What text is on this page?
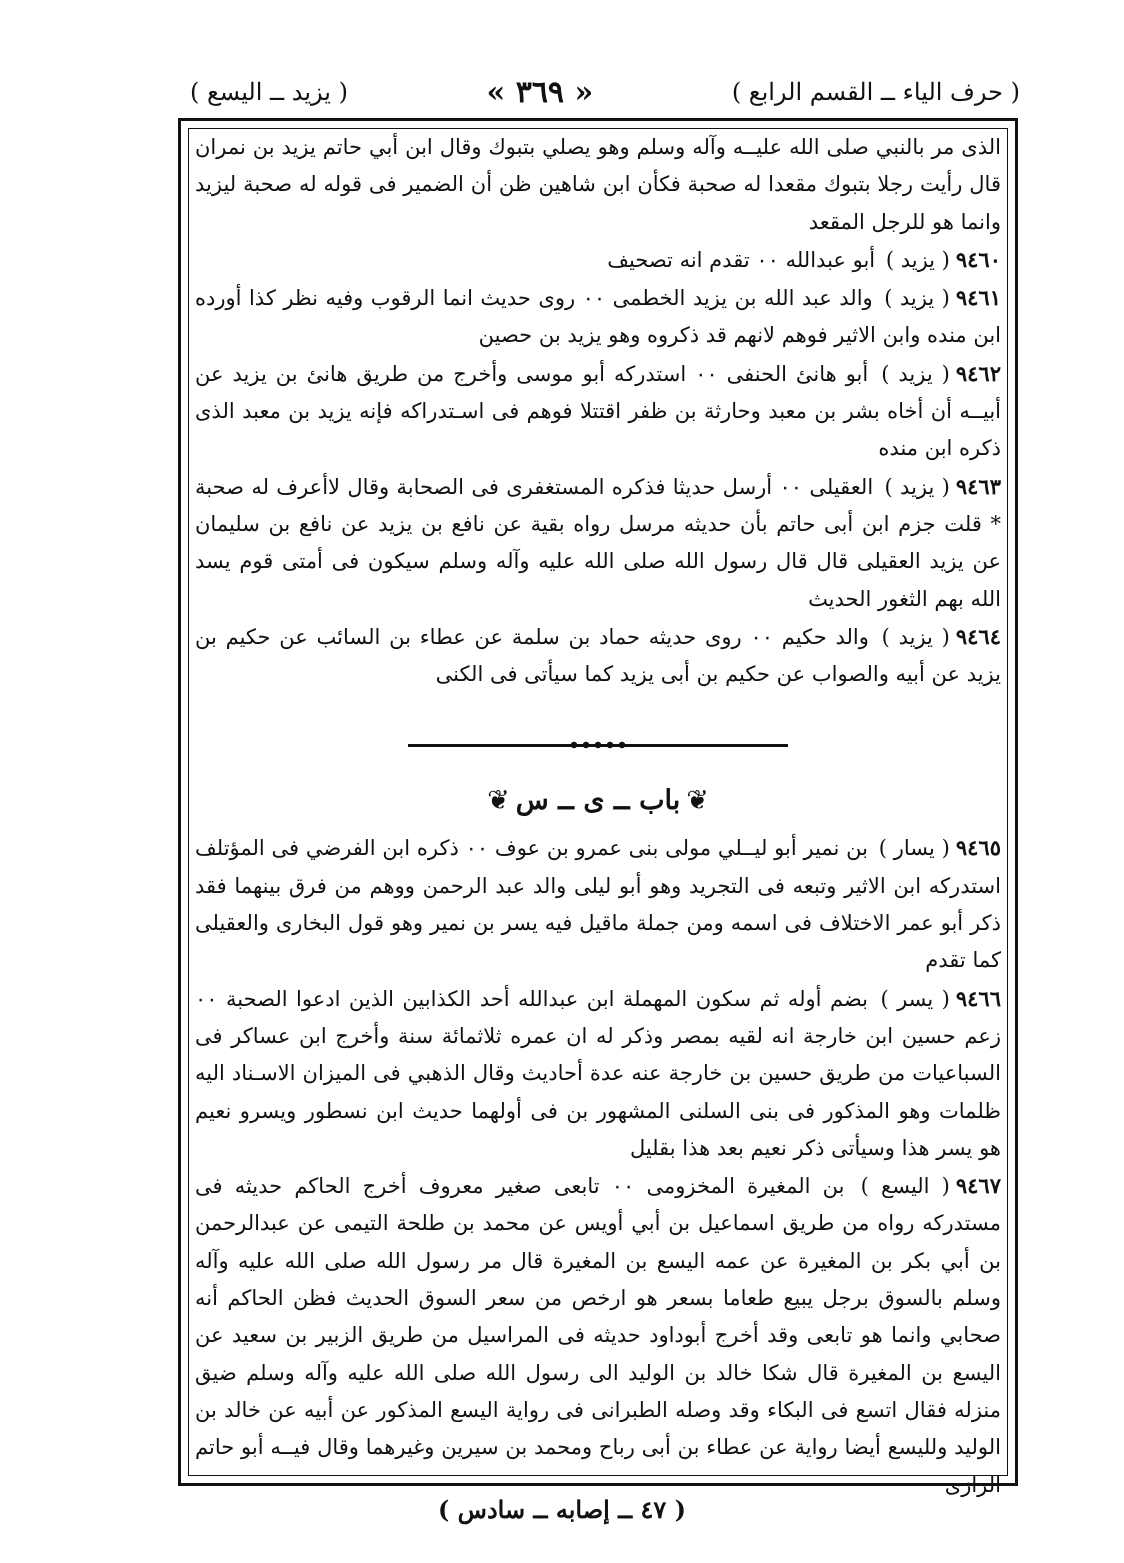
( حرف الياء ــ القسم الرابع )
« ٣٦٩ »
( يزيد ــ اليسع )

الذى مر بالنبي صلى الله عليــه وآله وسلم وهو يصلي بتبوك وقال ابن أبي حاتم يزيد بن نمران قال رأيت رجلا بتبوك مقعدا له صحبة فكأن ابن شاهين ظن أن الضمير فى قوله له صحبة ليزيد وانما هو للرجل المقعد

٩٤٦٠( يزيد ) أبو عبدالله ٠٠ تقدم انه تصحيف

٩٤٦١( يزيد ) والد عبد الله بن يزيد الخطمى ٠٠ روى حديث انما الرقوب وفيه نظر كذا أورده ابن منده وابن الاثير فوهم لانهم قد ذكروه وهو يزيد بن حصين

٩٤٦٢( يزيد ) أبو هانئ الحنفى ٠٠ استدركه أبو موسى وأخرج من طريق هانئ بن يزيد عن أبيــه أن أخاه بشر بن معبد وحارثة بن ظفر اقتتلا فوهم فى اسـتدراكه فإنه يزيد بن معبد الذى ذكره ابن منده

٩٤٦٣( يزيد ) العقيلى ٠٠ أرسل حديثا فذكره المستغفرى فى الصحابة وقال لاأعرف له صحبة * قلت جزم ابن أبى حاتم بأن حديثه مرسل رواه بقية عن نافع بن يزيد عن نافع بن سليمان عن يزيد العقيلى قال قال رسول الله صلى الله عليه وآله وسلم سيكون فى أمتى قوم يسد الله بهم الثغور الحديث

٩٤٦٤( يزيد ) والد حكيم ٠٠ روى حديثه حماد بن سلمة عن عطاء بن السائب عن حكيم بن يزيد عن أبيه والصواب عن حكيم بن أبى يزيد كما سيأتى فى الكنى

❦باب ــ ى ــ س❦

٩٤٦٥( يسار ) بن نمير أبو ليــلي مولى بنى عمرو بن عوف ٠٠ ذكره ابن الفرضي فى المؤتلف استدركه ابن الاثير وتبعه فى التجريد وهو أبو ليلى والد عبد الرحمن ووهم من فرق بينهما فقد ذكر أبو عمر الاختلاف فى اسمه ومن جملة ماقيل فيه يسر بن نمير وهو قول البخارى والعقيلى كما تقدم

٩٤٦٦( يسر ) بضم أوله ثم سكون المهملة ابن عبدالله أحد الكذابين الذين ادعوا الصحبة ٠٠ زعم حسين ابن خارجة انه لقيه بمصر وذكر له ان عمره ثلاثمائة سنة وأخرج ابن عساكر فى السباعيات من طريق حسين بن خارجة عنه عدة أحاديث وقال الذهبي فى الميزان الاسـناد اليه ظلمات وهو المذكور فى بنى السلنى المشهور بن فى أولهما حديث ابن نسطور ويسرو نعيم هو يسر هذا وسيأتى ذكر نعيم بعد هذا بقليل

٩٤٦٧( اليسع ) بن المغيرة المخزومى ٠٠ تابعى صغير معروف أخرج الحاكم حديثه فى مستدركه رواه من طريق اسماعيل بن أبي أويس عن محمد بن طلحة التيمى عن عبدالرحمن بن أبي بكر بن المغيرة عن عمه اليسع بن المغيرة قال مر رسول الله صلى الله عليه وآله وسلم بالسوق برجل يبيع طعاما بسعر هو ارخص من سعر السوق الحديث فظن الحاكم أنه صحابي وانما هو تابعى وقد أخرج أبوداود حديثه فى المراسيل من طريق الزبير بن سعيد عن اليسع بن المغيرة قال شكا خالد بن الوليد الى رسول الله صلى الله عليه وآله وسلم ضيق منزله فقال اتسع فى البكاء وقد وصله الطبرانى فى رواية اليسع المذكور عن أبيه عن خالد بن الوليد ولليسع أيضا رواية عن عطاء بن أبى رباح ومحمد بن سيرين وغيرهما وقال فيــه أبو حاتم الرازى

( ٤٧ ــ إصابه ــ سادس )
